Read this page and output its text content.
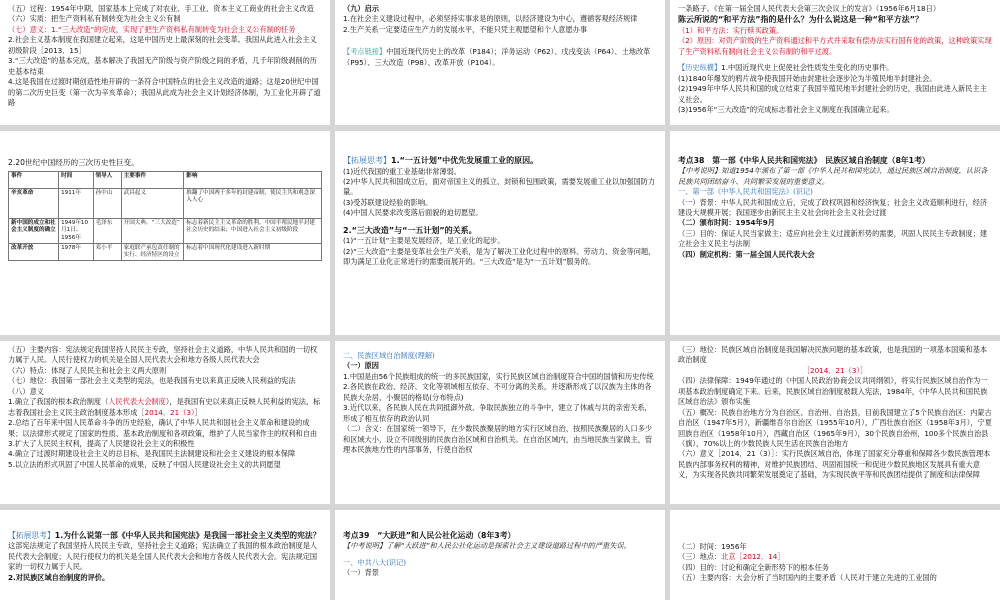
（五）过程：1954年中期，国家基本上完成了对农业、手工业、资本主义工商业的社会主义改造

（六）实质：把生产资料私有制转变为社会主义公有制

（七）意义：1.“三大改造”的完成，实现了把生产资料私有制转变为社会主义公有制的任务

2.社会主义基本制度在我国建立起来，这是中国历史上最深刻的社会变革。我国从此进入社会主义初级阶段［2013．15］

3.“三大改造”的基本完成，基本解决了我国无产阶级与资产阶级之间的矛盾，几千年阶级剥削的历史基本结束

4.这是我国在过渡时期创造性地开辟的一条符合中国特点的社会主义改造的道路；这是20世纪中国的第二次历史巨变（第一次为辛亥革命）；我国从此成为社会主义计划经济体制，为工业化开辟了道路

（九）启示

1.在社会主义建设过程中，必须坚持实事求是的原则，以经济建设为中心，遵循客观经济规律

2.生产关系一定要适应生产力的发展水平，不能只凭主观愿望和个人意愿办事

【考点链接】中国近现代历史上的改革（P184）；洋务运动（P62）、戊戌变法（P64）、土地改革（P95）、三大改造（P98）、改革开放（P104）。

一条路子。《在第一届全国人民代表大会第三次会议上的发言》（1956年6月18日）

陈云所说的“和平方法”指的是什么？为什么说这是一种“和平方法”？

（1）和平方法：实行赎买政策。

（2）原因：对资产阶级的生产资料通过和平方式并采取有偿办法实行国有化的政策，这种政策实现了生产资料私有制向社会主义公有制的和平过渡。

【历史纵横】1.中国近现代史上促使社会性质发生变化的历史事件。

(1)1840年爆发的鸦片战争使我国开始由封建社会逐步沦为半殖民地半封建社会。

(2)1949年中华人民共和国的成立结束了我国半殖民地半封建社会的历史，我国由此进入新民主主义社会。

(3)1956年“三大改造”的完成标志着社会主义制度在我国确立起来。

2.20世纪中国经历的三次历史性巨变。

事件	时间	领导人	主要事件	影响
辛亥革命	1911年	孙中山	武昌起义	推翻了中国两千多年的封建帝制，使民主共和观念深入人心
新中国的成立和社会主义制度的确立	1949年10月1日、1956年	毛泽东	开国大典、“三大改造”	标志着新民主主义革命的胜利，中国半殖民地半封建社会历史的结束；中国进入社会主义初级阶段
改革开放	1978年	邓小平	家庭联产承包责任制的实行、经济特区的设立	标志着中国现代化建设进入新时期

【拓展思考】1.“一五计划”中优先发展重工业的原因。

(1)近代我国的重工业基础非常薄弱。

(2)中华人民共和国成立后，面对帝国主义的孤立、封锁和包围政策，需要发展重工业以加强国防力量。

(3)受苏联建设经验的影响。

(4)中国人民要求改变落后面貌的迫切愿望。

2.“三大改造”与“一五计划”的关系。

(1)“一五计划”主要是发展经济，是工业化的起步。

(2)“三大改造”主要是变革社会生产关系，是为了解决工业化过程中的原料、劳动力、资金等问题，即为满足工业化正常进行的需要而展开的。“三大改造”是为“一五计划”服务的。

考点38　第一部《中华人民共和国宪法》　民族区域自治制度（8年1考）

【中考说明】知道1954年颁布了第一部《中华人民共和国宪法》，通过民族区域自治制度，认识各民族共同团结奋斗、共同繁荣发展的重要意义。

一、第一部《中华人民共和国宪法》(识记)

（一）背景：中华人民共和国成立后，完成了政权巩固和经济恢复；社会主义改造顺利进行，经济建设大规模开展；我国逐步由新民主主义社会向社会主义社会过渡

（二）颁布时间：1954年9月

（三）目的：保证人民当家做主；适应向社会主义过渡新形势的需要，巩固人民民主专政制度；建立社会主义民主与法制

（四）制定机构：第一届全国人民代表大会

（五）主要内容：宪法规定我国坚持人民民主专政，坚持社会主义道路，中华人民共和国的一切权力属于人民。人民行使权力的机关是全国人民代表大会和地方各级人民代表大会

（六）特点：体现了人民民主和社会主义两大原则

（七）地位：我国第一部社会主义类型的宪法，也是我国有史以来真正反映人民利益的宪法

（八）意义

1.确立了我国的根本政治制度（人民代表大会制度），是我国有史以来真正反映人民利益的宪法，标志着我国社会主义民主政治制度基本形成［2014．21（3）］

2.总结了百年来中国人民革命斗争的历史经验，确认了中华人民共和国社会主义革命和建设的成果；以法律形式规定了国家的性质、基本政治制度和各项政策，维护了人民当家作主的权利和自由

3.扩大了人民民主权利，提高了人民建设社会主义的积极性

4.确立了过渡时期建设社会主义的总目标，是我国民主法制建设和社会主义建设的根本保障

5.以立法的形式巩固了中国人民革命的成果，反映了中国人民建设社会主义的共同愿望

二、民族区域自治制度(理解)

（一）原因

1.中国是由56个民族组成的统一的多民族国家，实行民族区域自治制度符合中国的国情和历史传统

2.各民族在政治、经济、文化等领域相互依存、不可分离的关系，并逐渐形成了以汉族为主体的各民族大杂居、小聚居的格局(分布特点)

3.近代以来，各民族人民在共同抵御外敌、争取民族独立的斗争中，建立了休戚与共的亲密关系，形成了相互依存的政治认同

（二）含义：在国家统一领导下，在少数民族聚居的地方实行区域自治，按照民族聚居的人口多少和区域大小，设立不同级别的民族自治区域和自治机关。在自治区域内，由当地民族当家做主，管理本民族地方性的内部事务，行使自治权

（三）地位：民族区域自治制度是我国解决民族问题的基本政策，也是我国的一项基本国策和基本政治制度

［2014．21（3）］

（四）法律保障：1949年通过的《中国人民政治协商会议共同纲领》，将实行民族区域自治作为一项基本政治制度确定下来。后来，民族区域自治制度被载入宪法，1984年，《中华人民共和国民族区域自治法》颁布实施

（五）概况：民族自治地方分为自治区、自治州、自治县，目前我国建立了5个民族自治区：内蒙古自治区（1947年5月），新疆维吾尔自治区（1955年10月），广西壮族自治区（1958年3月），宁夏回族自治区（1958年10月），西藏自治区（1965年9月），30个民族自治州，100多个民族自治县（旗），70%以上的少数民族人民生活在民族自治地方

（六）意义［2014．21（3）］：实行民族区域自治，体现了国家充分尊重和保障各少数民族管理本民族内部事务权利的精神，对维护民族团结、巩固祖国统一和促进少数民族地区发展具有重大意义，为实现各民族共同繁荣发展奠定了基础，为实现民族平等和民族团结提供了制度和法律保障

【拓展思考】1.为什么说第一部《中华人民共和国宪法》是我国一部社会主义类型的宪法？

这部宪法规定了我国坚持人民民主专政，坚持社会主义道路；宪法确立了我国的根本政治制度是人民代表大会制度；人民行使权力的机关是全国人民代表大会和地方各级人民代表大会。宪法规定国家的一切权力属于人民。

2.对民族区域自治制度的评价。

考点39　“大跃进”和人民公社化运动（8年3考）

【中考说明】了解“大跃进”和人民公社化运动是探索社会主义建设道路过程中的严重失误。

一、中共八大(识记)

（一）背景

（二）时间：1956年

（三）地点：北京［2012．14］

（四）目的：讨论和确定全新形势下的根本任务

（五）主要内容：大会分析了当时国内的主要矛盾（人民对于建立先进的工业国的
